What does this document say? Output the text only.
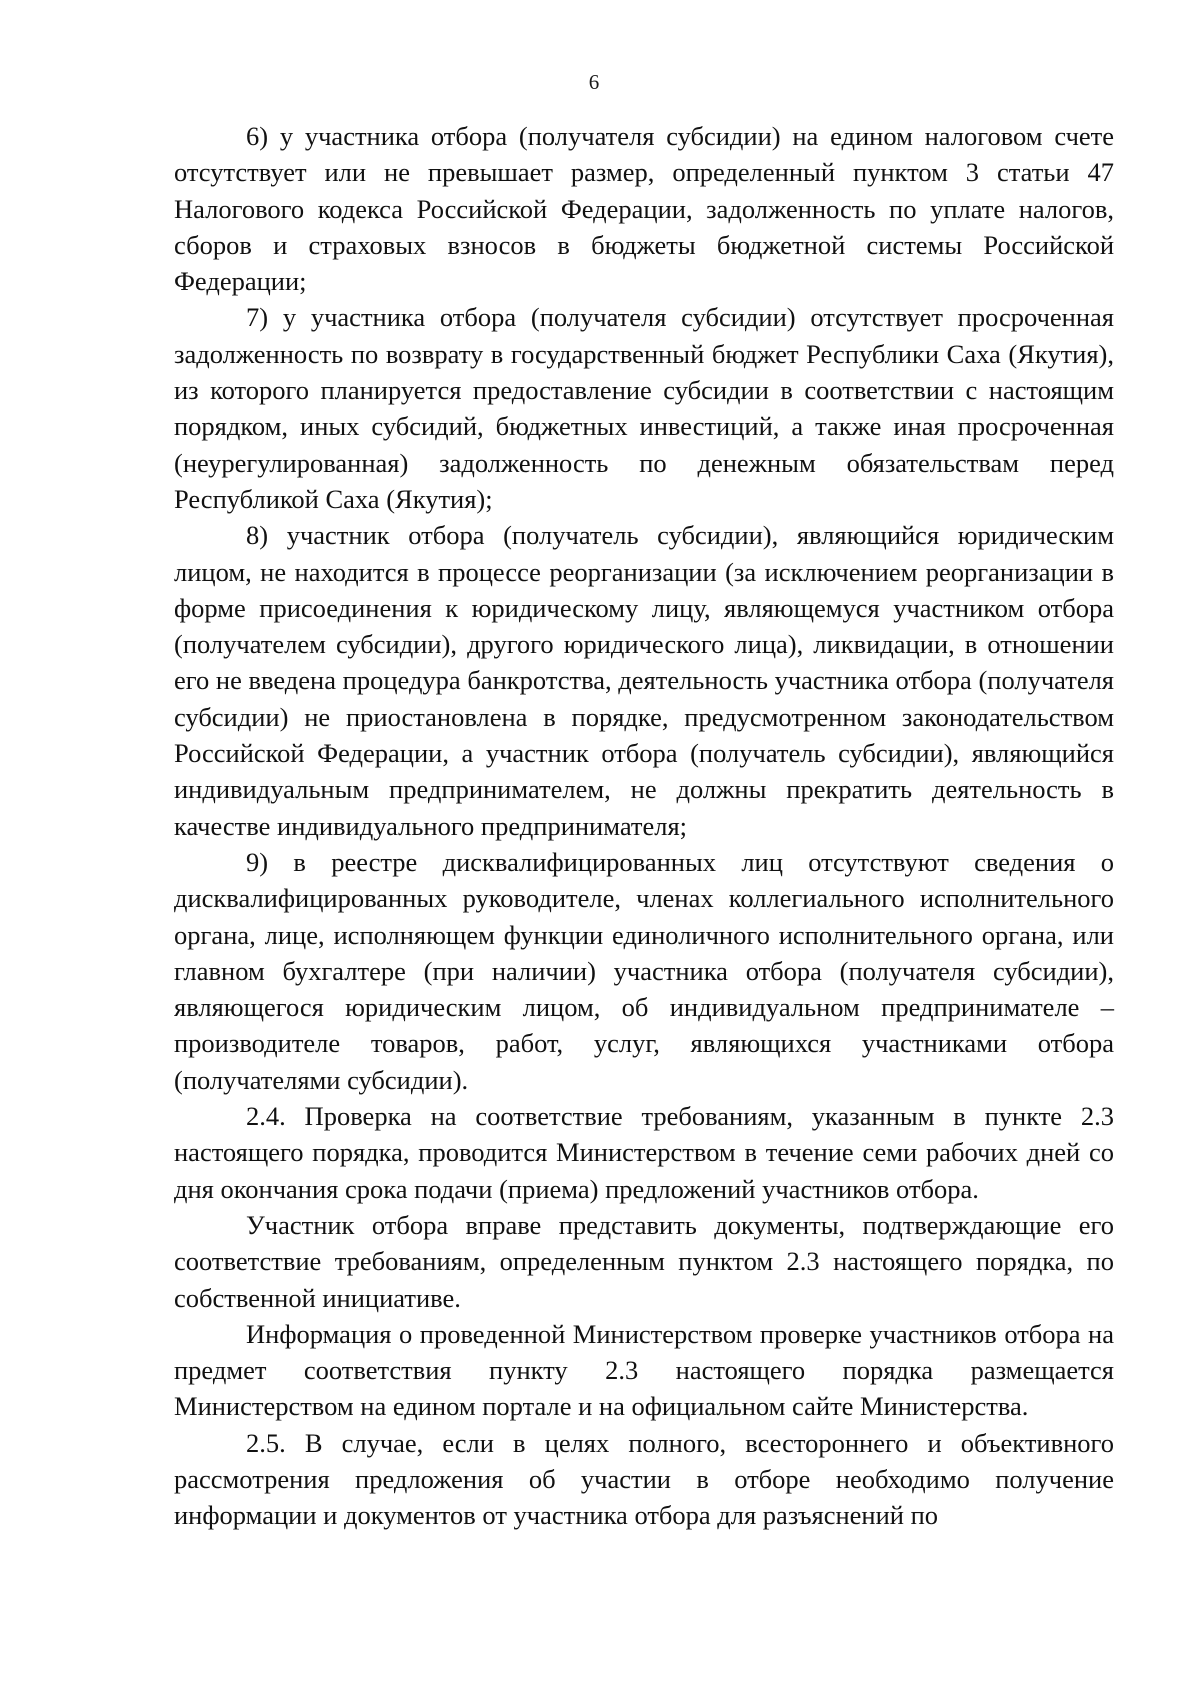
6

6) у участника отбора (получателя субсидии) на едином налоговом счете отсутствует или не превышает размер, определенный пунктом 3 статьи 47 Налогового кодекса Российской Федерации, задолженность по уплате налогов, сборов и страховых взносов в бюджеты бюджетной системы Российской Федерации;

7) у участника отбора (получателя субсидии) отсутствует просроченная задолженность по возврату в государственный бюджет Республики Саха (Якутия), из которого планируется предоставление субсидии в соответствии с настоящим порядком, иных субсидий, бюджетных инвестиций, а также иная просроченная (неурегулированная) задолженность по денежным обязательствам перед Республикой Саха (Якутия);

8) участник отбора (получатель субсидии), являющийся юридическим лицом, не находится в процессе реорганизации (за исключением реорганизации в форме присоединения к юридическому лицу, являющемуся участником отбора (получателем субсидии), другого юридического лица), ликвидации, в отношении его не введена процедура банкротства, деятельность участника отбора (получателя субсидии) не приостановлена в порядке, предусмотренном законодательством Российской Федерации, а участник отбора (получатель субсидии), являющийся индивидуальным предпринимателем, не должны прекратить деятельность в качестве индивидуального предпринимателя;

9) в реестре дисквалифицированных лиц отсутствуют сведения о дисквалифицированных руководителе, членах коллегиального исполнительного органа, лице, исполняющем функции единоличного исполнительного органа, или главном бухгалтере (при наличии) участника отбора (получателя субсидии), являющегося юридическим лицом, об индивидуальном предпринимателе – производителе товаров, работ, услуг, являющихся участниками отбора (получателями субсидии).

2.4. Проверка на соответствие требованиям, указанным в пункте 2.3 настоящего порядка, проводится Министерством в течение семи рабочих дней со дня окончания срока подачи (приема) предложений участников отбора.

Участник отбора вправе представить документы, подтверждающие его соответствие требованиям, определенным пунктом 2.3 настоящего порядка, по собственной инициативе.

Информация о проведенной Министерством проверке участников отбора на предмет соответствия пункту 2.3 настоящего порядка размещается Министерством на едином портале и на официальном сайте Министерства.

2.5. В случае, если в целях полного, всестороннего и объективного рассмотрения предложения об участии в отборе необходимо получение информации и документов от участника отбора для разъяснений по
